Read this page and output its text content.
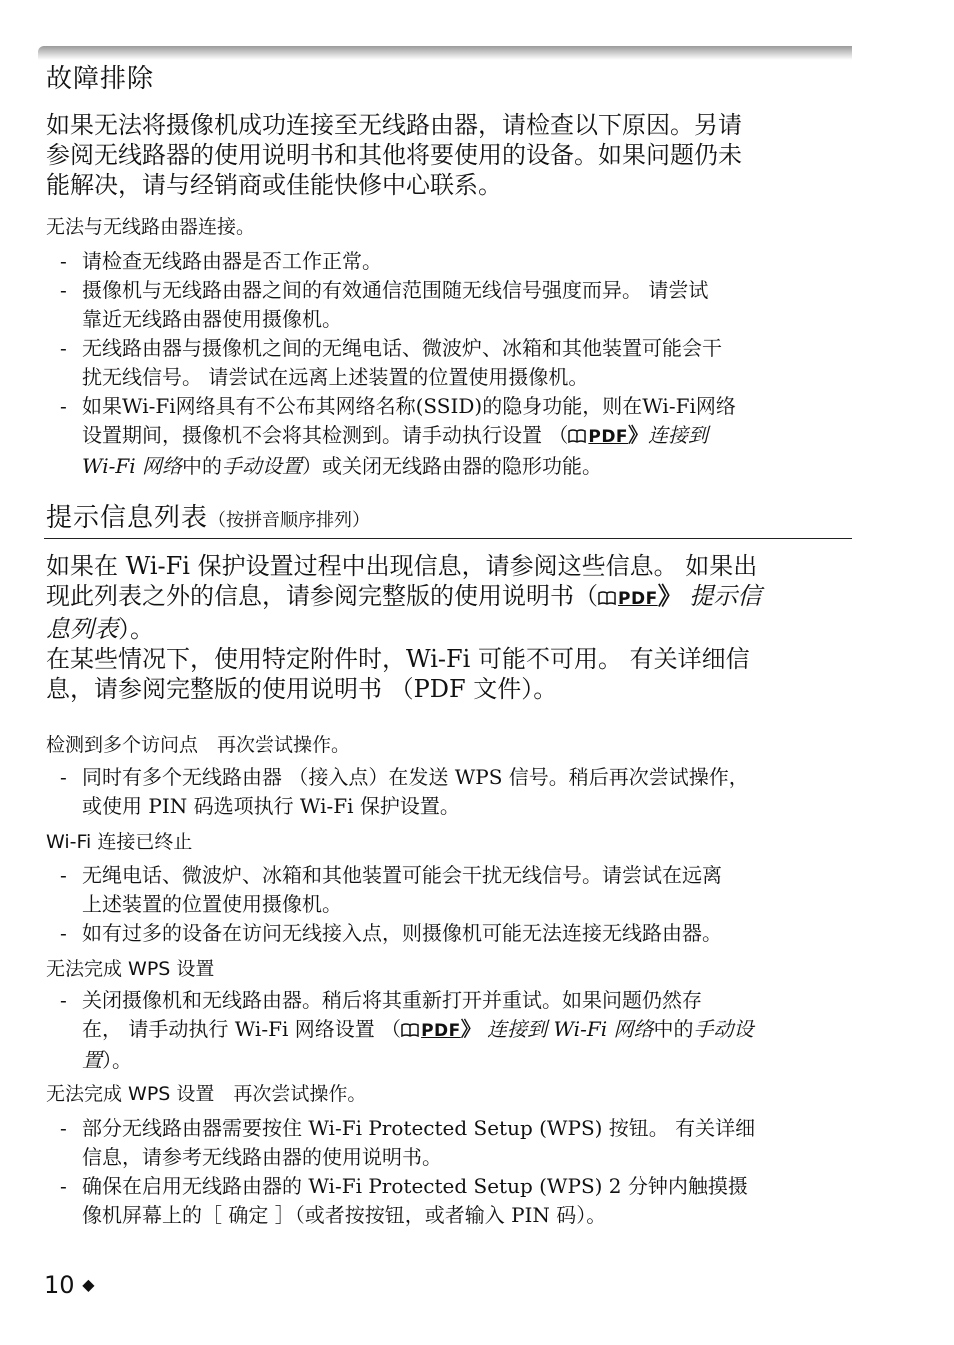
故障排除
如果无法将摄像机成功连接至无线路由器，请检查以下原因。另请
参阅无线路器的使用说明书和其他将要使用的设备。如果问题仍未
能解决，请与经销商或佳能快修中心联系。
无法与无线路由器连接。
- 请检查无线路由器是否工作正常。
- 摄像机与无线路由器之间的有效通信范围随无线信号强度而异。 请尝试
靠近无线路由器使用摄像机。
- 无线路由器与摄像机之间的无绳电话、微波炉、冰箱和其他装置可能会干
扰无线信号。 请尝试在远离上述装置的位置使用摄像机。
- 如果Wi-Fi网络具有不公布其网络名称(SSID)的隐身功能，则在Wi-Fi网络
设置期间，摄像机不会将其检测到。请手动执行设置 （ PDF》连接到
Wi-Fi 网络中的手动设置）或关闭无线路由器的隐形功能。
提示信息列表（按拼音顺序排列）
如果在 Wi-Fi 保护设置过程中出现信息，请参阅这些信息。 如果出
现此列表之外的信息，请参阅完整版的使用说明书（ PDF》 提示信
息列表）。
在某些情况下，使用特定附件时，Wi-Fi 可能不可用。 有关详细信
息，请参阅完整版的使用说明书 （PDF 文件）。
检测到多个访问点　再次尝试操作。
- 同时有多个无线路由器 （接入点）在发送 WPS 信号。稍后再次尝试操作，
或使用 PIN 码选项执行 Wi-Fi 保护设置。
Wi-Fi 连接已终止
- 无绳电话、微波炉、冰箱和其他装置可能会干扰无线信号。请尝试在远离
上述装置的位置使用摄像机。
- 如有过多的设备在访问无线接入点，则摄像机可能无法连接无线路由器。
无法完成 WPS 设置
- 关闭摄像机和无线路由器。稍后将其重新打开并重试。如果问题仍然存
在， 请手动执行 Wi-Fi 网络设置 （ PDF》 连接到 Wi-Fi 网络中的手动设
置）。
无法完成 WPS 设置　再次尝试操作。
- 部分无线路由器需要按住 Wi-Fi Protected Setup (WPS) 按钮。 有关详细
信息，请参考无线路由器的使用说明书。
- 确保在启用无线路由器的 Wi-Fi Protected Setup (WPS) 2 分钟内触摸摄
像机屏幕上的［ 确定 ］（或者按按钮，或者输入 PIN 码）。
10 ◆
